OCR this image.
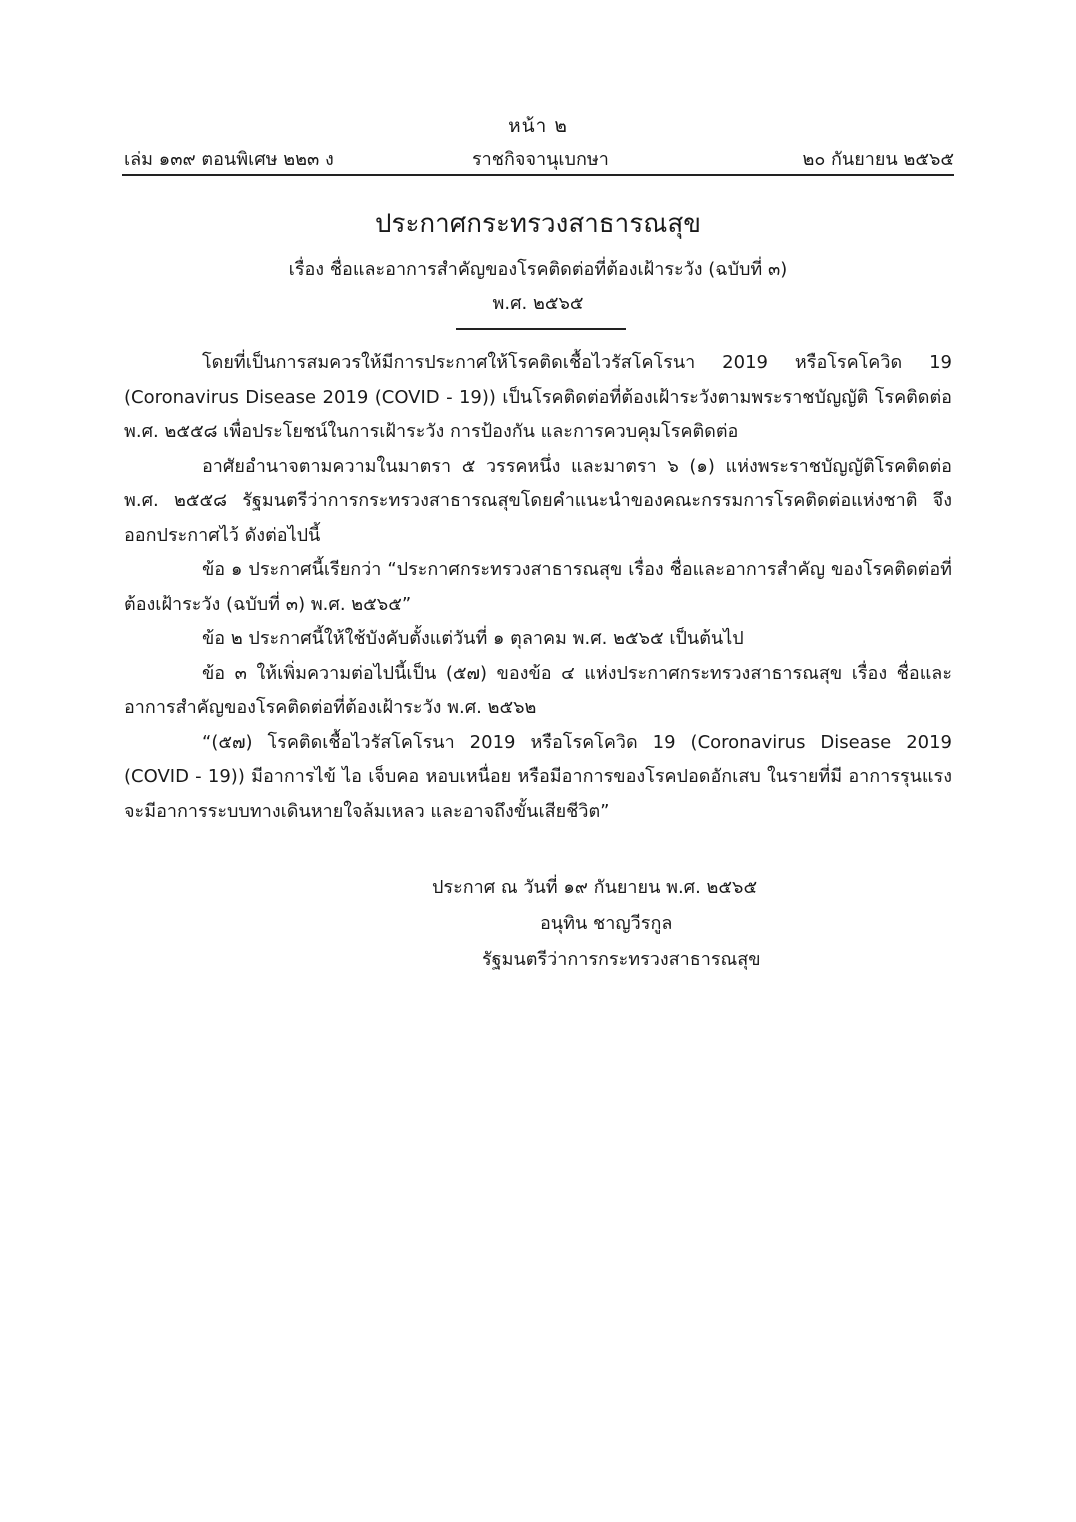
หน้า ๒
เล่ม ๑๓๙ ตอนพิเศษ ๒๒๓ ง	ราชกิจจานุเบกษา	๒๐ กันยายน ๒๕๖๕
ประกาศกระทรวงสาธารณสุข
เรื่อง ชื่อและอาการสำคัญของโรคติดต่อที่ต้องเฝ้าระวัง (ฉบับที่ ๓)
พ.ศ. ๒๕๖๕

โดยที่เป็นการสมควรให้มีการประกาศให้โรคติดเชื้อไวรัสโคโรนา 2019 หรือโรคโควิด 19 (Coronavirus Disease 2019 (COVID - 19)) เป็นโรคติดต่อที่ต้องเฝ้าระวังตามพระราชบัญญัติ โรคติดต่อ พ.ศ. ๒๕๕๘ เพื่อประโยชน์ในการเฝ้าระวัง การป้องกัน และการควบคุมโรคติดต่อ

อาศัยอำนาจตามความในมาตรา ๕ วรรคหนึ่ง และมาตรา ๖ (๑) แห่งพระราชบัญญัติโรคติดต่อ พ.ศ. ๒๕๕๘ รัฐมนตรีว่าการกระทรวงสาธารณสุขโดยคำแนะนำของคณะกรรมการโรคติดต่อแห่งชาติ จึงออกประกาศไว้ ดังต่อไปนี้

ข้อ ๑ ประกาศนี้เรียกว่า “ประกาศกระทรวงสาธารณสุข เรื่อง ชื่อและอาการสำคัญ ของโรคติดต่อที่ต้องเฝ้าระวัง (ฉบับที่ ๓) พ.ศ. ๒๕๖๕”

ข้อ ๒ ประกาศนี้ให้ใช้บังคับตั้งแต่วันที่ ๑ ตุลาคม พ.ศ. ๒๕๖๕ เป็นต้นไป

ข้อ ๓ ให้เพิ่มความต่อไปนี้เป็น (๕๗) ของข้อ ๔ แห่งประกาศกระทรวงสาธารณสุข เรื่อง ชื่อและอาการสำคัญของโรคติดต่อที่ต้องเฝ้าระวัง พ.ศ. ๒๕๖๒

“(๕๗) โรคติดเชื้อไวรัสโคโรนา 2019 หรือโรคโควิด 19 (Coronavirus Disease 2019 (COVID - 19)) มีอาการไข้ ไอ เจ็บคอ หอบเหนื่อย หรือมีอาการของโรคปอดอักเสบ ในรายที่มี อาการรุนแรงจะมีอาการระบบทางเดินหายใจล้มเหลว และอาจถึงขั้นเสียชีวิต”

ประกาศ ณ วันที่ ๑๙ กันยายน พ.ศ. ๒๕๖๕
อนุทิน ชาญวีรกูล
รัฐมนตรีว่าการกระทรวงสาธารณสุข
